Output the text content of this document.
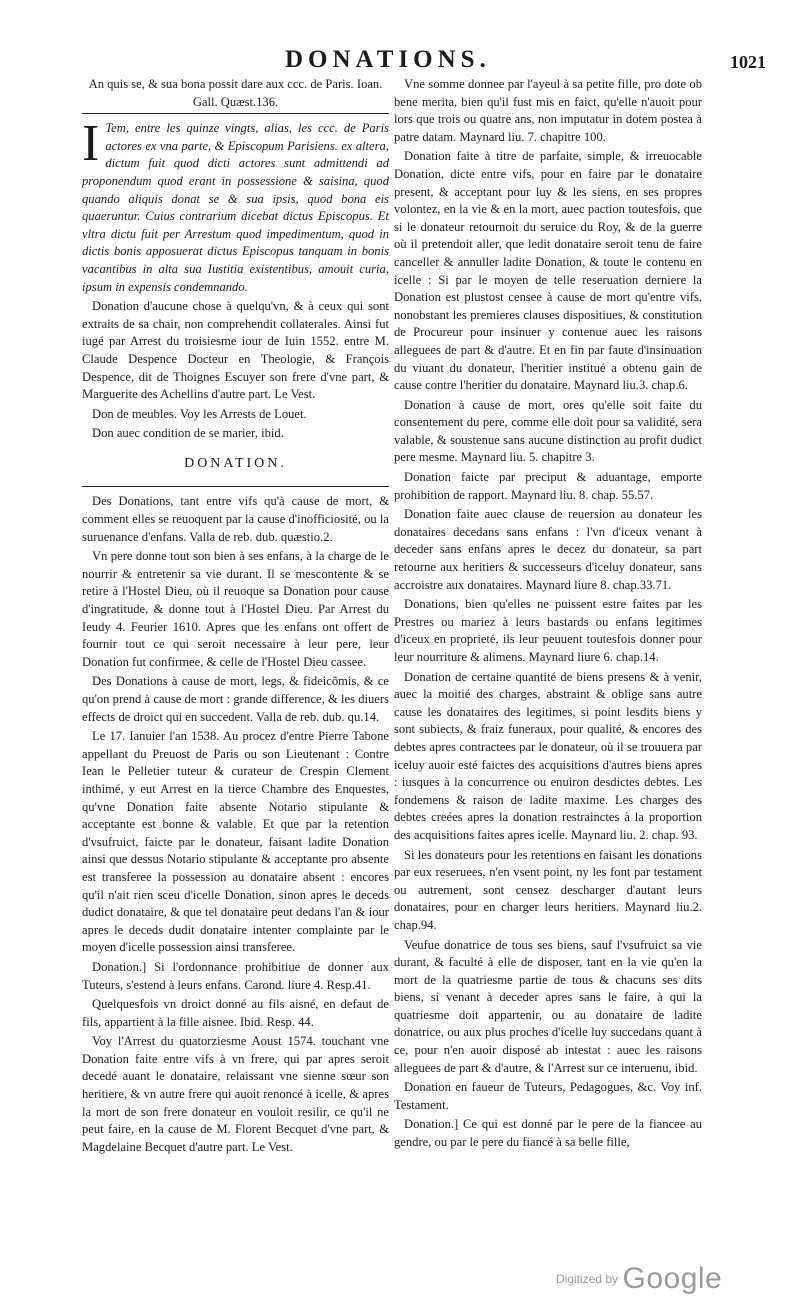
DONATIONS.	1021

An quis se, & sua bona possit dare aux ccc. de Paris. Ioan. Gall. Quæst.136.

I Tem, entre les quinze vingts, alias, les ccc. de Paris actores ex vna parte, & Episcopum Parisiens. ex altera, dictum fuit quod dicti actores sunt admittendi ad proponendum quod erant in possessione & saisina, quod quando aliquis donat se & sua ipsis, quod bona eis quaeruntur. Cuius contrarium dicebat dictus Episcopus. Et vltra dictu fuit per Arrestum quod impedimentum, quod in dictis bonis apposuerat dictus Episcopus tanquam in bonis vacantibus in alta sua Iustitia existentibus, amouit curia, ipsum in expensis condemnando.

Donation d'aucune chose à quelqu'vn, & à ceux qui sont extraits de sa chair, non comprehendit collaterales. Ainsi fut iugé par Arrest du troisiesme iour de Iuin 1552. entre M. Claude Despence Docteur en Theologie, & François Despence, dit de Thoignes Escuyer son frere d'vne part, & Marguerite des Achellins d'autre part. Le Vest.

Don de meubles. Voy les Arrests de Louet.

Don auec condition de se marier, ibid.

DONATION.

Des Donations, tant entre vifs qu'à cause de mort, & comment elles se reuoquent par la cause d'inofficiosité, ou la suruenance d'enfans. Valla de reb. dub. quæstio.2.

Vn pere donne tout son bien à ses enfans, à la charge de le nourrir & entretenir sa vie durant. Il se mescontente & se retire à l'Hostel Dieu, où il reuoque sa Donation pour cause d'ingratitude, & donne tout à l'Hostel Dieu. Par Arrest du Ieudy 4. Feurier 1610. Apres que les enfans ont offert de fournir tout ce qui seroit necessaire à leur pere, leur Donation fut confirmee, & celle de l'Hostel Dieu cassee.

Des Donations à cause de mort, legs, & fideicõmis, & ce qu'on prend à cause de mort : grande difference, & les diuers effects de droict qui en succedent. Valla de reb. dub. qu.14.

Le 17. Ianuier l'an 1538. Au procez d'entre Pierre Tabone appellant du Preuost de Paris ou son Lieutenant : Contre Iean le Pelletier tuteur & curateur de Crespin Clement inthimé, y eut Arrest en la tierce Chambre des Enquestes, qu'vne Donation faite absente Notario stipulante & acceptante est bonne & valable. Et que par la retention d'vsufruict, faicte par le donateur, faisant ladite Donation ainsi que dessus Notario stipulante & acceptante pro absente est transferee la possession au donataire absent : encores qu'il n'ait rien sceu d'icelle Donation, sinon apres le deceds dudict donataire, & que tel donataire peut dedans l'an & iour apres le deceds dudit donataire intenter complainte par le moyen d'icelle possession ainsi transferee.

Donation.] Si l'ordonnance prohibitiue de donner aux Tuteurs, s'estend à leurs enfans. Carond. liure 4. Resp.41.

Quelquesfois vn droict donné au fils aisné, en defaut de fils, appartient à la fille aisnee. Ibid. Resp. 44.

Voy l'Arrest du quatorziesme Aoust 1574. touchant vne Donation faite entre vifs à vn frere, qui par apres seroit decedé auant le donataire, relaissant vne sienne sœur son heritiere, & vn autre frere qui auoit renoncé à icelle, & apres la mort de son frere donateur en vouloit resilir, ce qu'il ne peut faire, en la cause de M. Florent Becquet d'vne part, & Magdelaine Becquet d'autre part. Le Vest.

Vne somme donnee par l'ayeul à sa petite fille, pro dote ob bene merita, bien qu'il fust mis en faict, qu'elle n'auoit pour lors que trois ou quatre ans, non imputatur in dotem postea à patre datam. Maynard liu. 7. chapitre 100.

Donation faite à titre de parfaite, simple, & irreuocable Donation, dicte entre vifs, pour en faire par le donataire present, & acceptant pour luy & les siens, en ses propres volontez, en la vie & en la mort, auec paction toutesfois, que si le donateur retournoit du seruice du Roy, & de la guerre où il pretendoit aller, que ledit donataire seroit tenu de faire canceller & annuller ladite Donation, & toute le contenu en icelle : Si par le moyen de telle reseruation derniere la Donation est plustost censee à cause de mort qu'entre vifs, nonobstant les premieres clauses dispositiues, & constitution de Procureur pour insinuer y contenue auec les raisons alleguees de part & d'autre. Et en fin par faute d'insinuation du viuant du donateur, l'heritier institué a obtenu gain de cause contre l'heritier du donataire. Maynard liu.3. chap.6.

Donation à cause de mort, ores qu'elle soit faite du consentement du pere, comme elle doit pour sa validité, sera valable, & soustenue sans aucune distinction au profit dudict pere mesme. Maynard liu. 5. chapitre 3.

Donation faicte par preciput & aduantage, emporte prohibition de rapport. Maynard liu. 8. chap. 55.57.

Donation faite auec clause de reuersion au donateur les donataires decedans sans enfans : l'vn d'iceux venant à deceder sans enfans apres le decez du donateur, sa part retourne aux heritiers & successeurs d'iceluy donateur, sans accroistre aux donataires. Maynard liure 8. chap.33.71.

Donations, bien qu'elles ne puissent estre faites par les Prestres ou mariez à leurs bastards ou enfans legitimes d'iceux en proprieté, ils leur peuuent toutesfois donner pour leur nourriture & alimens. Maynard liure 6. chap.14.

Donation de certaine quantité de biens presens & à venir, auec la moitié des charges, abstraint & oblige sans autre cause les donataires des legitimes, si point lesdits biens y sont subiects, & fraiz funeraux, pour qualité, & encores des debtes apres contractees par le donateur, où il se trouuera par iceluy auoir esté faictes des acquisitions d'autres biens apres : iusques à la concurrence ou enuiron desdictes debtes. Les fondemens & raison de ladite maxime. Les charges des debtes creées apres la donation restrainctes à la proportion des acquisitions faites apres icelle. Maynard liu. 2. chap. 93.

Si les donateurs pour les retentions en faisant les donations par eux reseruees, n'en vsent point, ny les font par testament ou autrement, sont censez descharger d'autant leurs donataires, pour en charger leurs heritiers. Maynard liu.2. chap.94.

Veufue donatrice de tous ses biens, sauf l'vsufruict sa vie durant, & faculté à elle de disposer, tant en la vie qu'en la mort de la quatriesme partie de tous & chacuns ses dits biens, si venant à deceder apres sans le faire, à qui la quatriesme doit appartenir, ou au donataire de ladite donatrice, ou aux plus proches d'icelle luy succedans quant à ce, pour n'en auoir disposé ab intestat : auec les raisons alleguees de part & d'autre, & l'Arrest sur ce interuenu, ibid.

Donation en faueur de Tuteurs, Pedagogues, &c. Voy inf. Testament.

Donation.] Ce qui est donné par le pere de la fiancee au gendre, ou par le pere du fiancé à sa belle fille,

Digitized by Google
